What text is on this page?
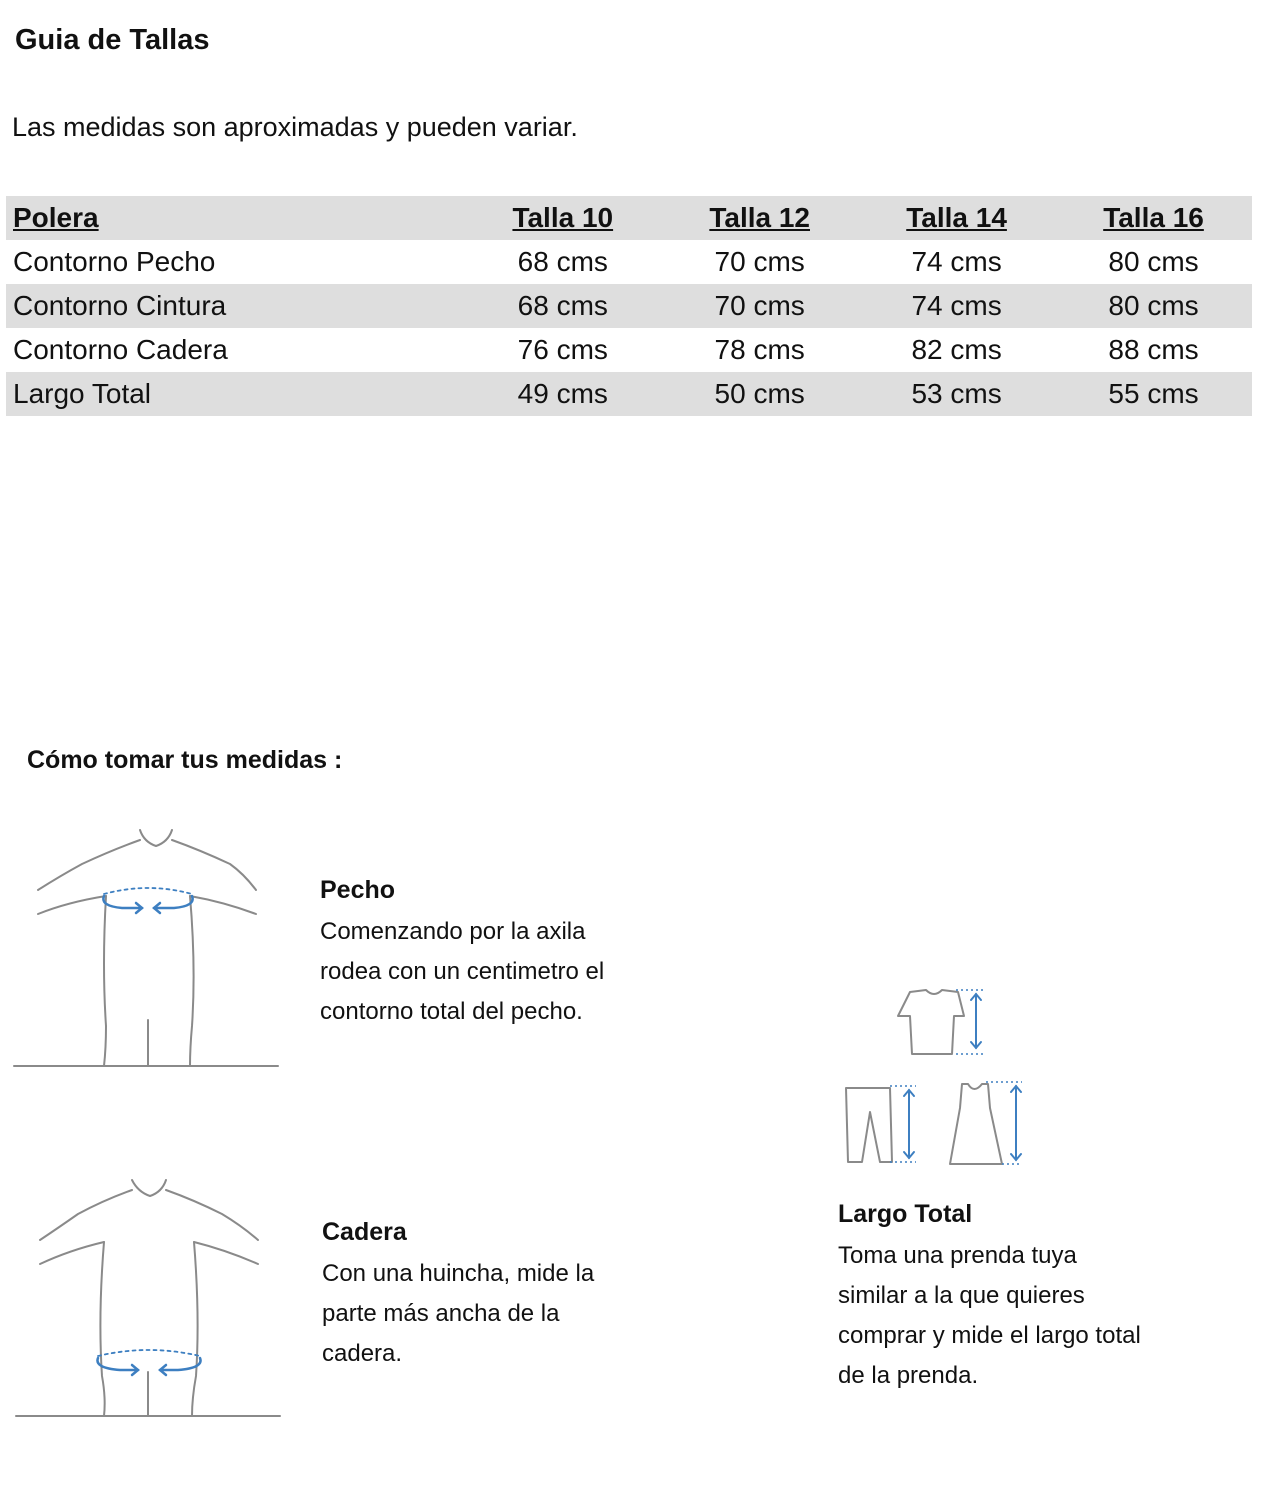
Guia de Tallas

Las medidas son aproximadas y pueden variar.

Polera	Talla 10	Talla 12	Talla 14	Talla 16
Contorno Pecho	68 cms	70 cms	74 cms	80 cms
Contorno Cintura	68 cms	70 cms	74 cms	80 cms
Contorno Cadera	76 cms	78 cms	82 cms	88 cms
Largo Total	49 cms	50 cms	53 cms	55 cms
Cómo tomar tus medidas :
Pecho

Comenzando por la axila
rodea con un centimetro el
contorno total del pecho.

Cadera

Con una huincha, mide la
parte más ancha de la
cadera.

Largo Total

Toma una prenda tuya
similar a la que quieres
comprar y mide el largo total
de la prenda.
